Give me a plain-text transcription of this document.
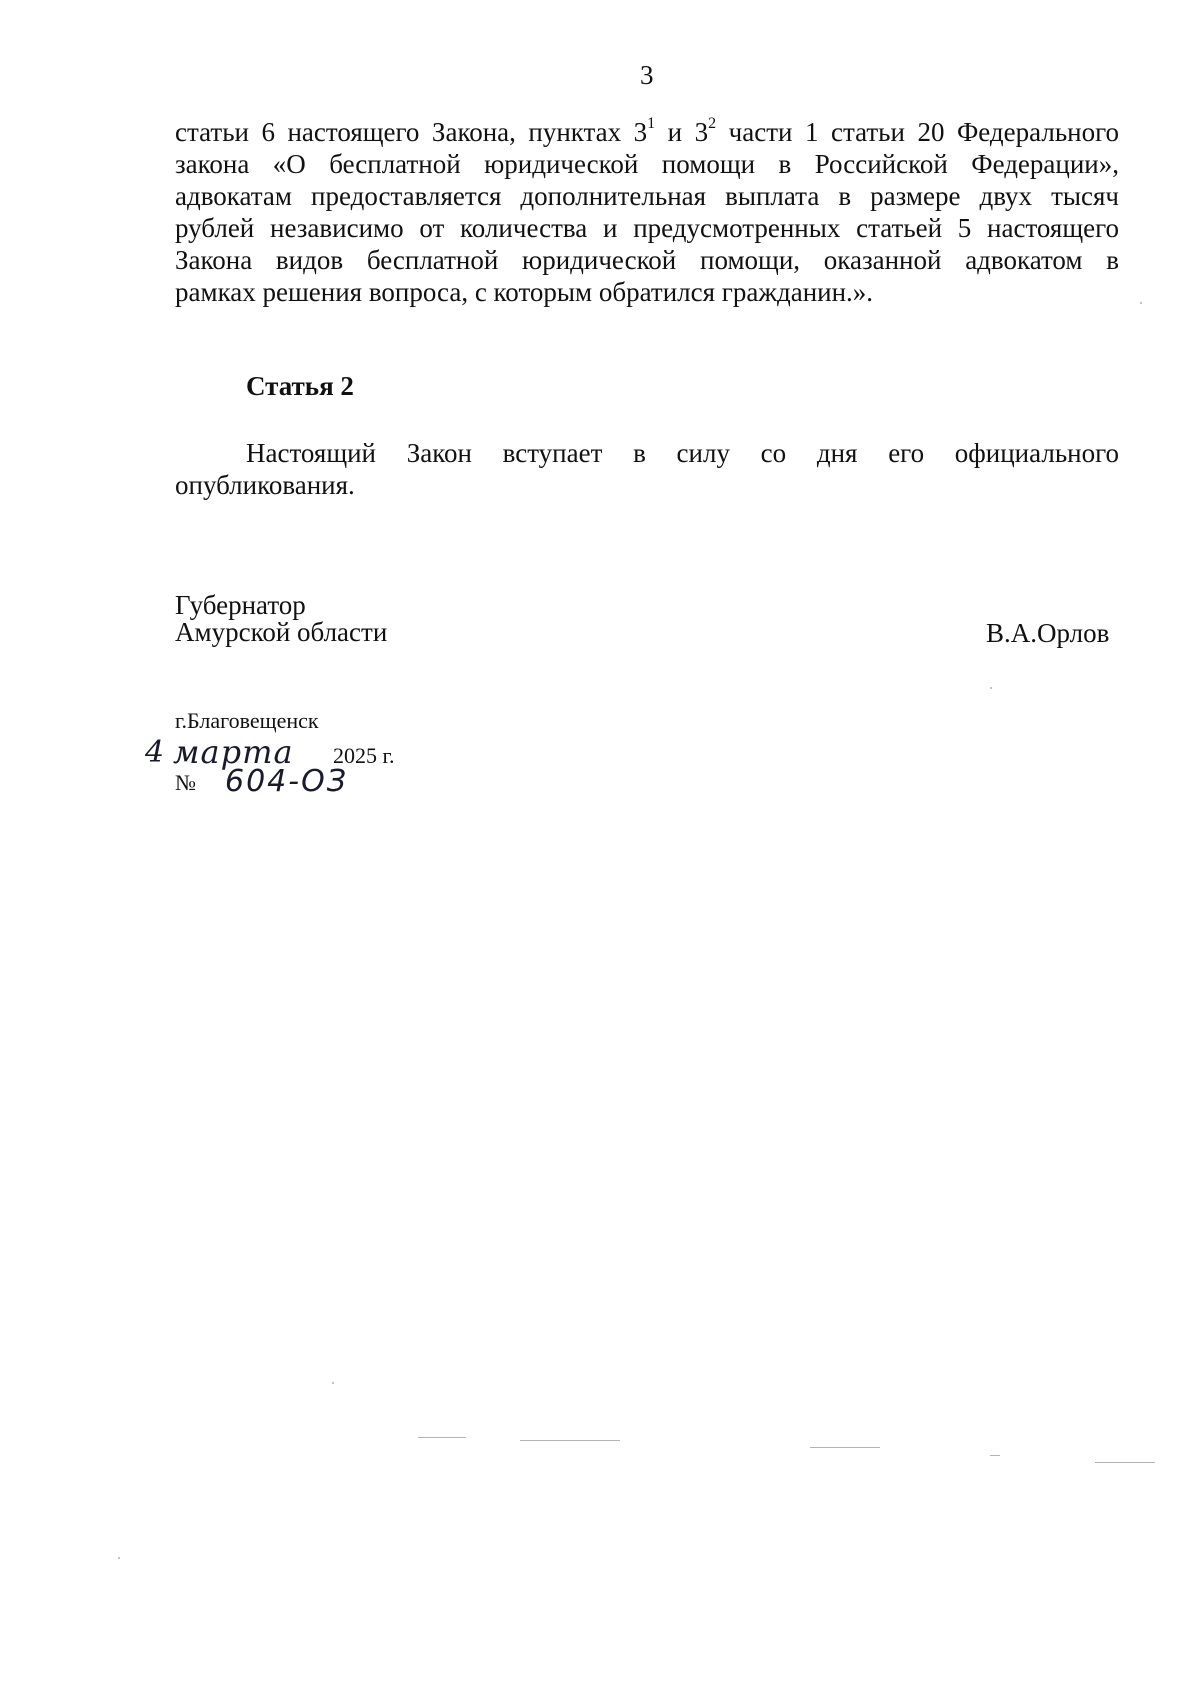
3
статьи 6 настоящего Закона, пунктах $3^1$ и $3^2$ части 1 статьи 20 Федерального
закона «О бесплатной юридической помощи в Российской Федерации»,
адвокатам предоставляется дополнительная выплата в размере двух тысяч
рублей независимо от количества и предусмотренных статьей 5 настоящего
Закона видов бесплатной юридической помощи, оказанной адвокатом в
рамках решения вопроса, с которым обратился гражданин.».
Статья 2
Настоящий Закон вступает в силу со дня его официального
опубликования.
Губернатор
Амурской области	В.А.Орлов
г.Благовещенск
4 марта 2025 г.
№ 604-ОЗ
